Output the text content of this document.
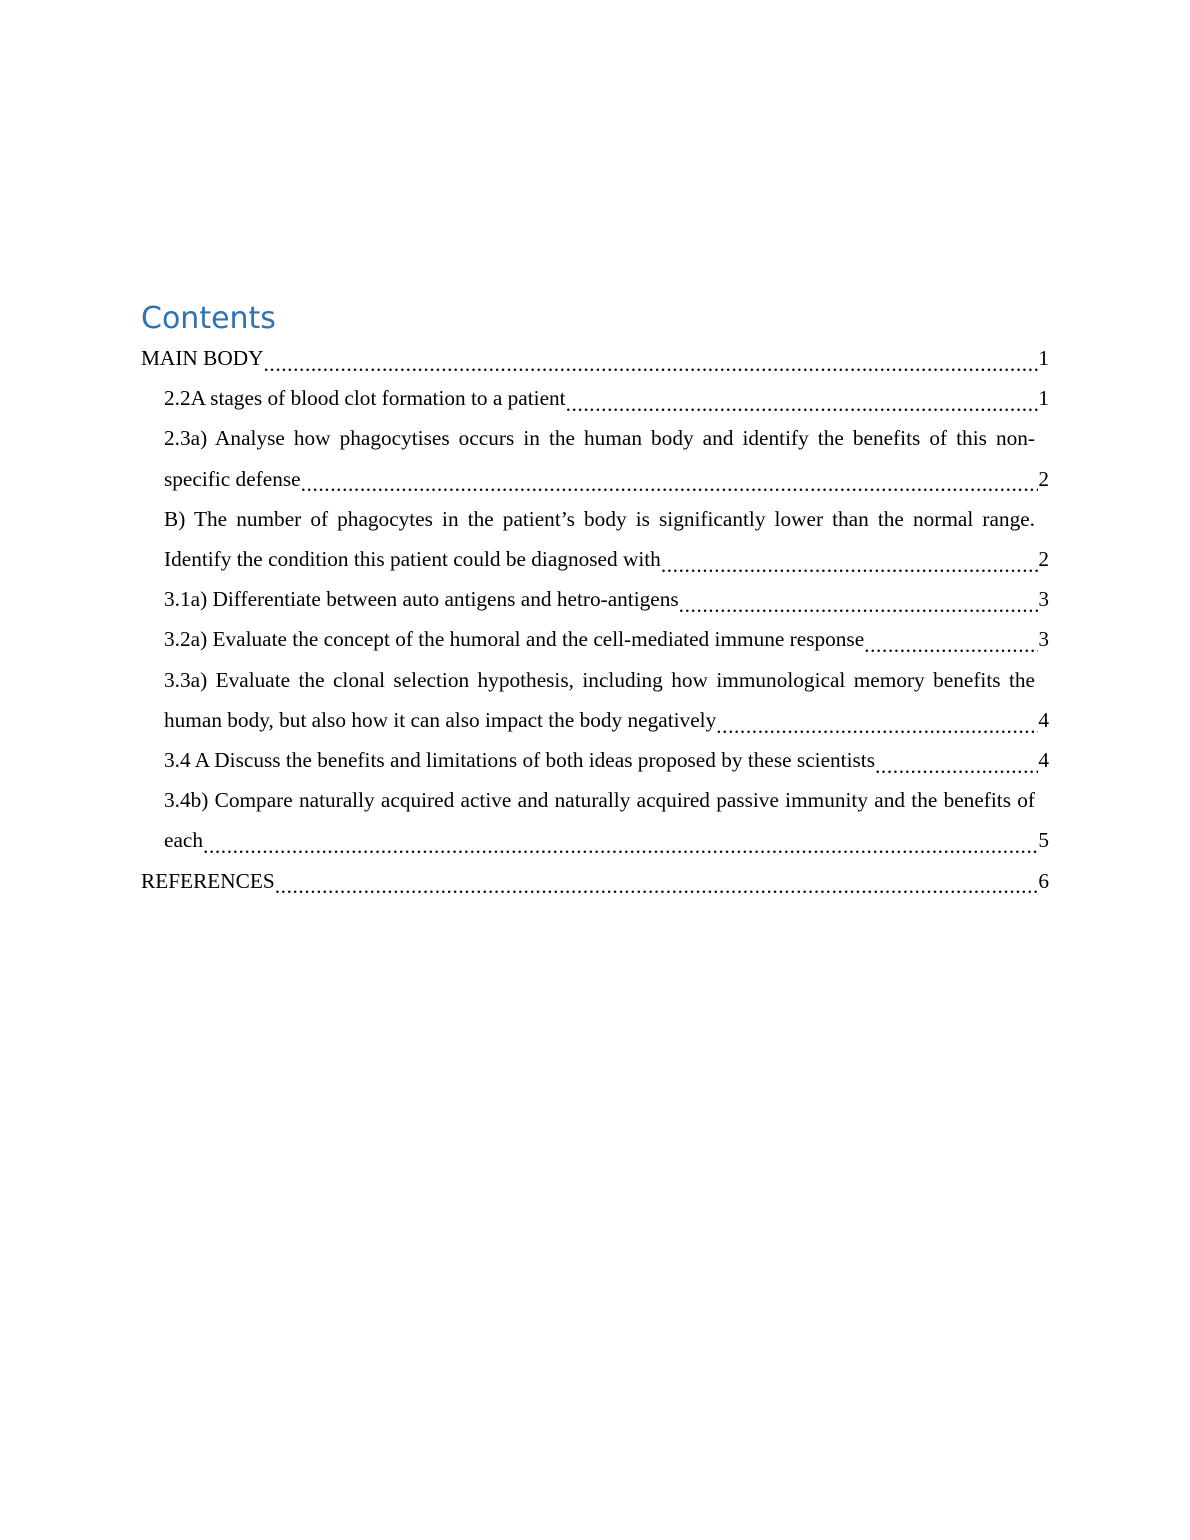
Contents
MAIN BODY	1
2.2A stages of blood clot formation to a patient	1
2.3a) Analyse how phagocytises occurs in the human body and identify the benefits of this non-specific defense	2
B) The number of phagocytes in the patient’s body is significantly lower than the normal range. Identify the condition this patient could be diagnosed with	2
3.1a) Differentiate between auto antigens and hetro-antigens	3
3.2a) Evaluate the concept of the humoral and the cell-mediated immune response	3
3.3a) Evaluate the clonal selection hypothesis, including how immunological memory benefits the human body, but also how it can also impact the body negatively	4
3.4 A Discuss the benefits and limitations of both ideas proposed by these scientists	4
3.4b) Compare naturally acquired active and naturally acquired passive immunity and the benefits of each	5
REFERENCES	6
